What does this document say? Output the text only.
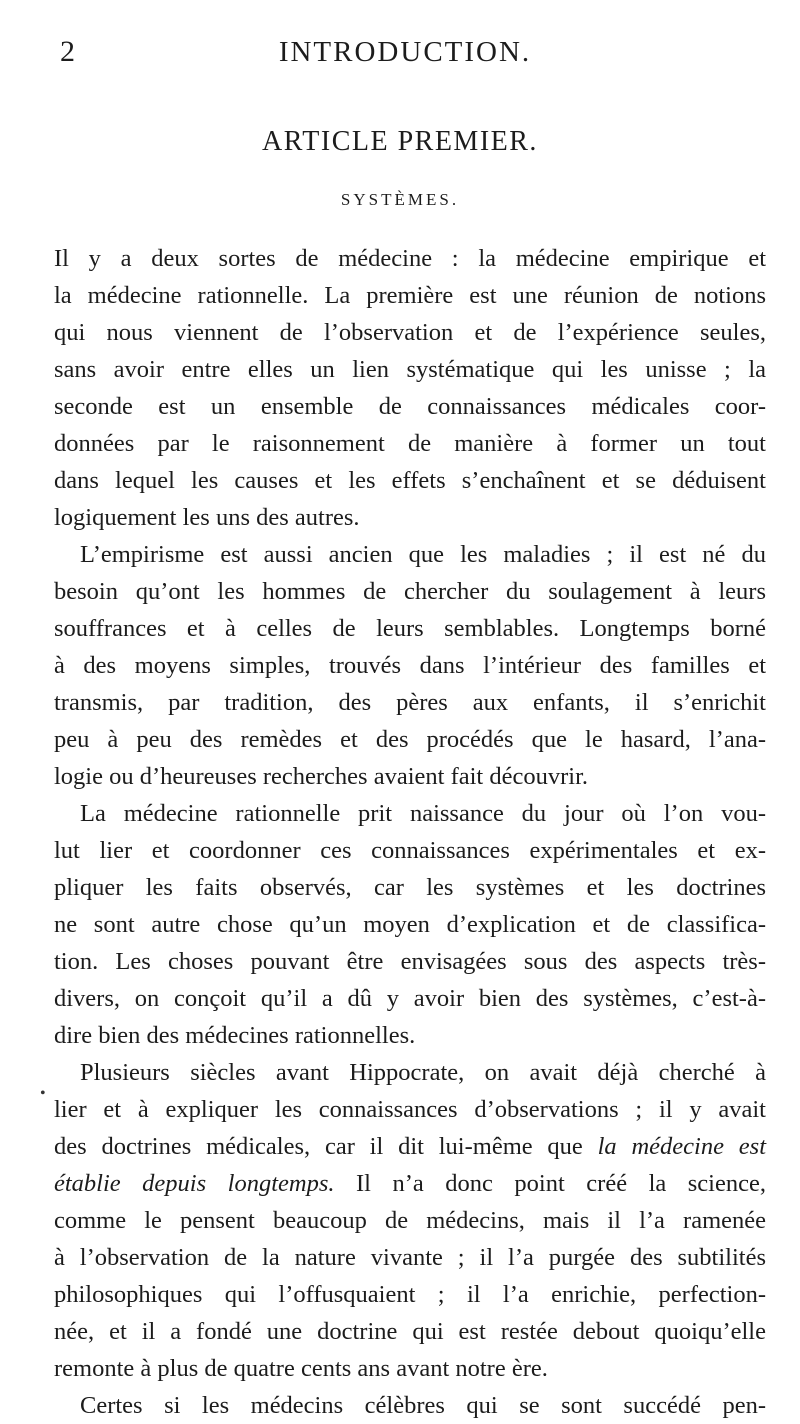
2	INTRODUCTION.
ARTICLE PREMIER.
SYSTÈMES.
Il y a deux sortes de médecine : la médecine empirique et
la médecine rationnelle. La première est une réunion de notions
qui nous viennent de l’observation et de l’expérience seules,
sans avoir entre elles un lien systématique qui les unisse ; la
seconde est un ensemble de connaissances médicales coor-
données par le raisonnement de manière à former un tout
dans lequel les causes et les effets s’enchaînent et se déduisent
logiquement les uns des autres.
L’empirisme est aussi ancien que les maladies ; il est né du
besoin qu’ont les hommes de chercher du soulagement à leurs
souffrances et à celles de leurs semblables. Longtemps borné
à des moyens simples, trouvés dans l’intérieur des familles et
transmis, par tradition, des pères aux enfants, il s’enrichit
peu à peu des remèdes et des procédés que le hasard, l’ana-
logie ou d’heureuses recherches avaient fait découvrir.
La médecine rationnelle prit naissance du jour où l’on vou-
lut lier et coordonner ces connaissances expérimentales et ex-
pliquer les faits observés, car les systèmes et les doctrines
ne sont autre chose qu’un moyen d’explication et de classifica-
tion. Les choses pouvant être envisagées sous des aspects très-
divers, on conçoit qu’il a dû y avoir bien des systèmes, c’est-à-
dire bien des médecines rationnelles.
Plusieurs siècles avant Hippocrate, on avait déjà cherché à
lier et à expliquer les connaissances d’observations ; il y avait
des doctrines médicales, car il dit lui-même que la médecine est
établie depuis longtemps. Il n’a donc point créé la science,
comme le pensent beaucoup de médecins, mais il l’a ramenée
à l’observation de la nature vivante ; il l’a purgée des subtilités
philosophiques qui l’offusquaient ; il l’a enrichie, perfection-
née, et il a fondé une doctrine qui est restée debout quoiqu’elle
remonte à plus de quatre cents ans avant notre ère.
Certes si les médecins célèbres qui se sont succédé pen-
•
